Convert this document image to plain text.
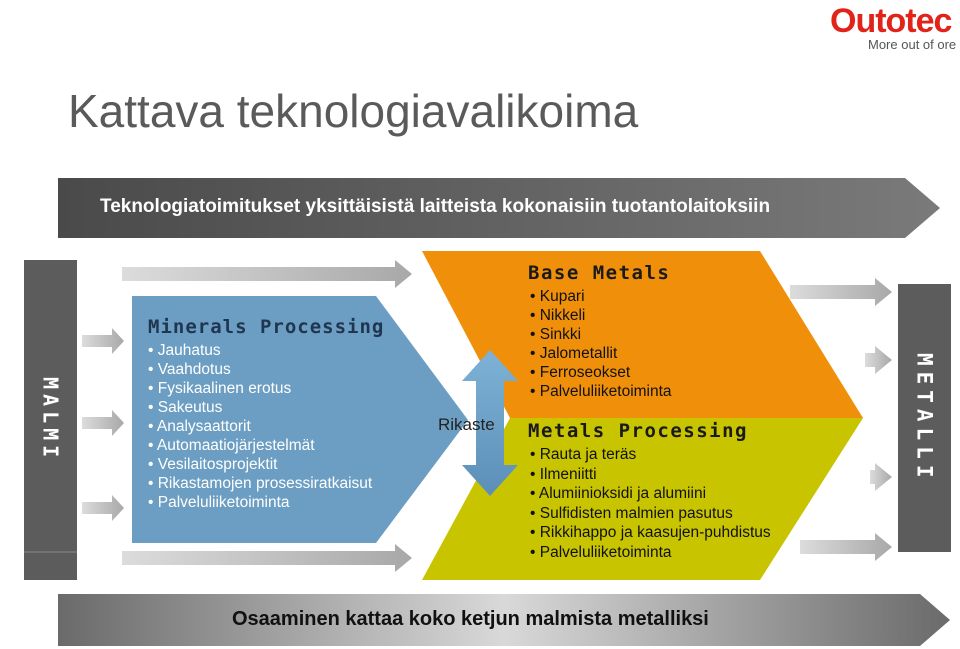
Outotec
More out of ore
Kattava teknologiavalikoima
Teknologiatoimitukset yksittäisistä laitteista kokonaisiin tuotantolaitoksiin
Osaaminen kattaa koko ketjun malmista metalliksi
MALMI	METALLI
Minerals Processing
• Jauhatus
• Vaahdotus
• Fysikaalinen erotus
• Sakeutus
• Analysaattorit
• Automaatiojärjestelmät
• Vesilaitosprojektit
• Rikastamojen prosessiratkaisut
• Palveluliiketoiminta
Rikaste
Base Metals
• Kupari
• Nikkeli
• Sinkki
• Jalometallit
• Ferroseokset
• Palveluliiketoiminta
Metals Processing
• Rauta ja teräs
• Ilmeniitti
• Alumiinioksidi ja alumiini
• Sulfidisten malmien pasutus
• Rikkihappo ja kaasujen-puhdistus
• Palveluliiketoiminta
